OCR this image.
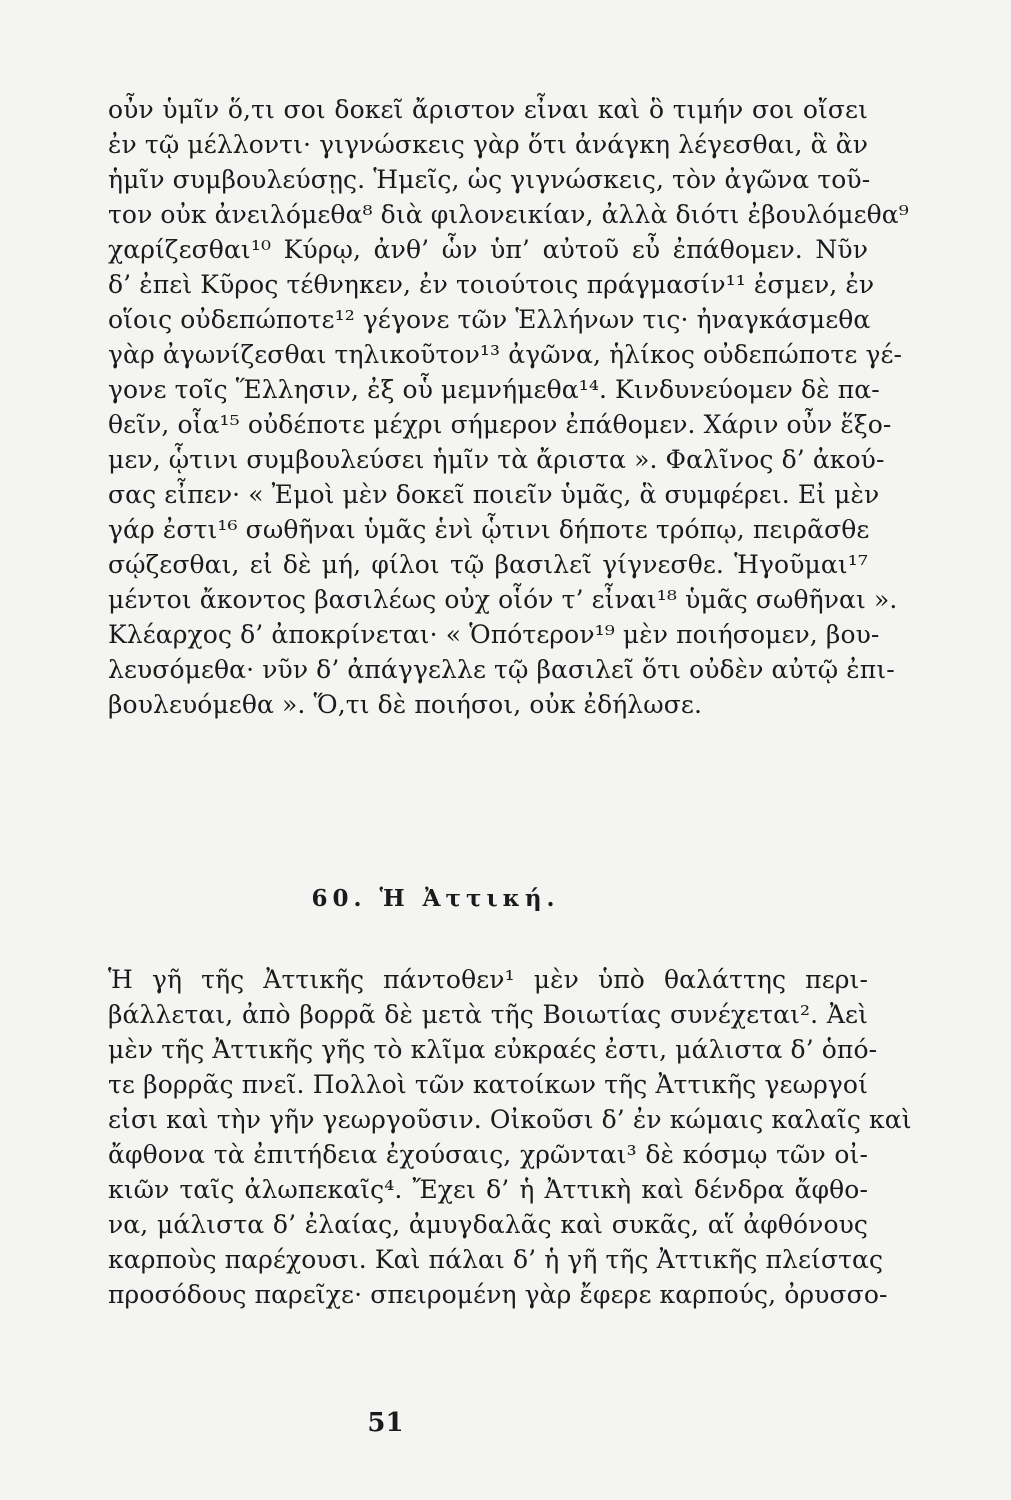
οὖν ὑμῖν ὅ,τι σοι δοκεῖ ἄριστον εἶναι καὶ ὃ τιμήν σοι οἴσει
ἐν τῷ μέλλοντι· γιγνώσκεις γὰρ ὅτι ἀνάγκη λέγεσθαι, ἃ ἂν
ἡμῖν συμβουλεύσῃς. Ἡμεῖς, ὡς γιγνώσκεις, τὸν ἀγῶνα τοῦ-
τον οὐκ ἀνειλόμεθα⁸ διὰ φιλονεικίαν, ἀλλὰ διότι ἐβουλόμεθα⁹
χαρίζεσθαι¹⁰ Κύρῳ, ἀνθ’ ὧν ὑπ’ αὐτοῦ εὖ ἐπάθομεν. Νῦν
δ’ ἐπεὶ Κῦρος τέθνηκεν, ἐν τοιούτοις πράγμασίν¹¹ ἐσμεν, ἐν
οἵοις οὐδεπώποτε¹² γέγονε τῶν Ἑλλήνων τις· ἠναγκάσμεθα
γὰρ ἀγωνίζεσθαι τηλικοῦτον¹³ ἀγῶνα, ἡλίκος οὐδεπώποτε γέ-
γονε τοῖς Ἕλλησιν, ἐξ οὗ μεμνήμεθα¹⁴. Κινδυνεύομεν δὲ πα-
θεῖν, οἷα¹⁵ οὐδέποτε μέχρι σήμερον ἐπάθομεν. Χάριν οὖν ἕξο-
μεν, ᾧτινι συμβουλεύσει ἡμῖν τὰ ἄριστα ». Φαλῖνος δ’ ἀκού-
σας εἶπεν· « Ἐμοὶ μὲν δοκεῖ ποιεῖν ὑμᾶς, ἃ συμφέρει. Εἰ μὲν
γάρ ἐστι¹⁶ σωθῆναι ὑμᾶς ἑνὶ ᾧτινι δήποτε τρόπῳ, πειρᾶσθε
σῴζεσθαι, εἰ δὲ μή, φίλοι τῷ βασιλεῖ γίγνεσθε. Ἡγοῦμαι¹⁷
μέντοι ἄκοντος βασιλέως οὐχ οἷόν τ’ εἶναι¹⁸ ὑμᾶς σωθῆναι ».
Κλέαρχος δ’ ἀποκρίνεται· « Ὁπότερον¹⁹ μὲν ποιήσομεν, βου-
λευσόμεθα· νῦν δ’ ἀπάγγελλε τῷ βασιλεῖ ὅτι οὐδὲν αὐτῷ ἐπι-
βουλευόμεθα ». Ὅ,τι δὲ ποιήσοι, οὐκ ἐδήλωσε.
60. Ἡ Ἀττική.
Ἡ γῆ τῆς Ἀττικῆς πάντοθεν¹ μὲν ὑπὸ θαλάττης περι-
βάλλεται, ἀπὸ βορρᾶ δὲ μετὰ τῆς Βοιωτίας συνέχεται². Ἀεὶ
μὲν τῆς Ἀττικῆς γῆς τὸ κλῖμα εὐκραές ἐστι, μάλιστα δ’ ὁπό-
τε βορρᾶς πνεῖ. Πολλοὶ τῶν κατοίκων τῆς Ἀττικῆς γεωργοί
εἰσι καὶ τὴν γῆν γεωργοῦσιν. Οἰκοῦσι δ’ ἐν κώμαις καλαῖς καὶ
ἄφθονα τὰ ἐπιτήδεια ἐχούσαις, χρῶνται³ δὲ κόσμῳ τῶν οἰ-
κιῶν ταῖς ἀλωπεκαῖς⁴. Ἔχει δ’ ἡ Ἀττικὴ καὶ δένδρα ἄφθο-
να, μάλιστα δ’ ἐλαίας, ἀμυγδαλᾶς καὶ συκᾶς, αἵ ἀφθόνους
καρποὺς παρέχουσι. Καὶ πάλαι δ’ ἡ γῆ τῆς Ἀττικῆς πλείστας
προσόδους παρεῖχε· σπειρομένη γὰρ ἔφερε καρπούς, ὀρυσσο-
51
